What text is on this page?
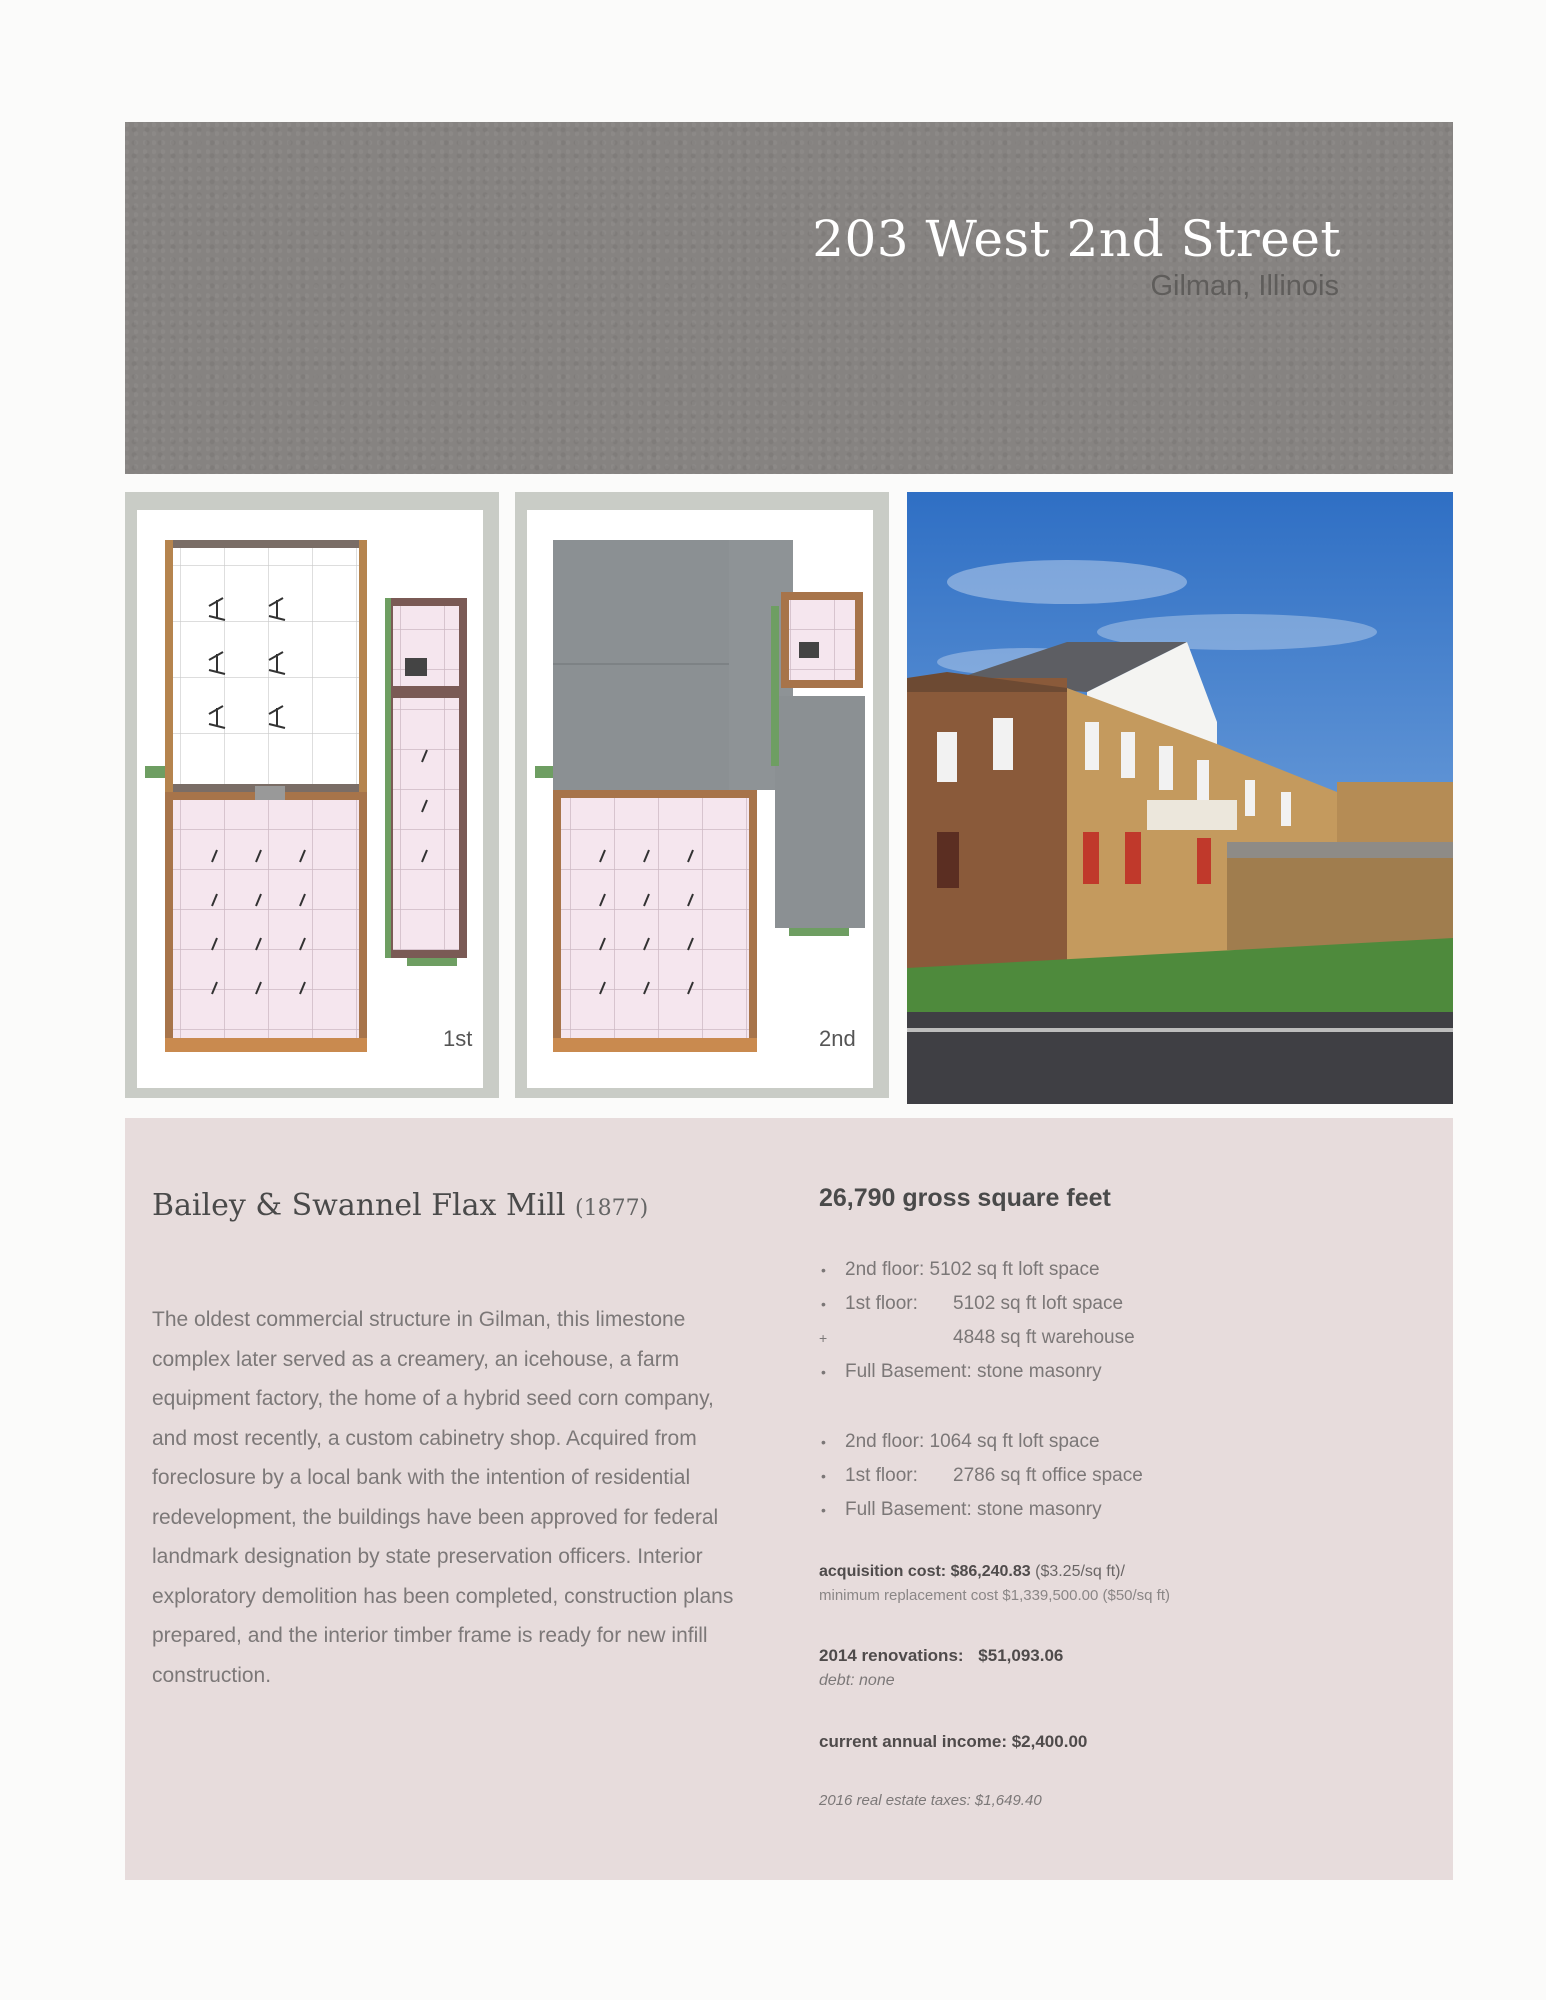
203 West 2nd Street
Gilman, Illinois
1st	2nd
Bailey & Swannel Flax Mill (1877)
The oldest commercial structure in Gilman, this limestone complex later served as a creamery, an icehouse, a farm equipment factory, the home of a hybrid seed corn company, and most recently, a custom cabinetry shop. Acquired from foreclosure by a local bank with the intention of residential redevelopment, the buildings have been approved for federal landmark designation by state preservation officers. Interior exploratory demolition has been completed, construction plans prepared, and the interior timber frame is ready for new infill construction.
26,790 gross square feet
• 2nd floor: 5102 sq ft loft space
• 1st floor: 5102 sq ft loft space
+ 4848 sq ft warehouse
• Full Basement: stone masonry
• 2nd floor: 1064 sq ft loft space
• 1st floor: 2786 sq ft office space
• Full Basement: stone masonry
acquisition cost: $86,240.83 ($3.25/sq ft)/
minimum replacement cost $1,339,500.00 ($50/sq ft)
2014 renovations: $51,093.06
debt: none
current annual income: $2,400.00
2016 real estate taxes: $1,649.40
